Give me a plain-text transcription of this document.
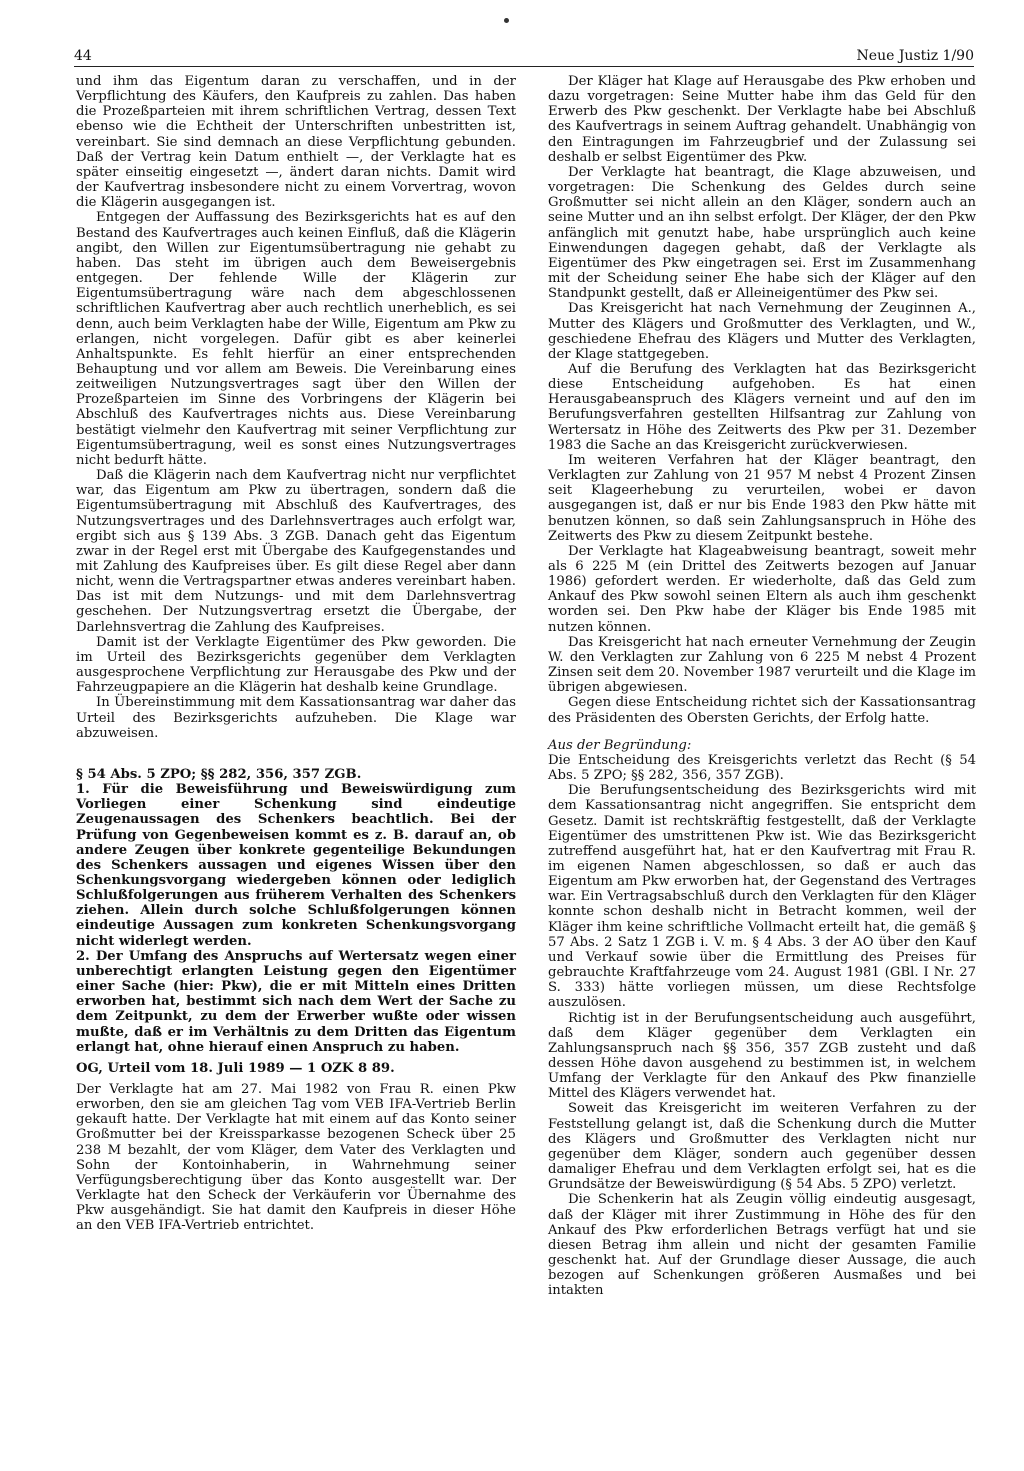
44	Neue Justiz 1/90

und ihm das Eigentum daran zu verschaffen, und in der Verpflichtung des Käufers, den Kaufpreis zu zahlen. Das haben die Prozeßparteien mit ihrem schriftlichen Vertrag, dessen Text ebenso wie die Echtheit der Unterschriften unbestritten ist, vereinbart. Sie sind demnach an diese Verpflichtung gebunden. Daß der Vertrag kein Datum enthielt —, der Verklagte hat es später einseitig eingesetzt —, ändert daran nichts. Damit wird der Kaufvertrag insbesondere nicht zu einem Vorvertrag, wovon die Klägerin ausgegangen ist.

Entgegen der Auffassung des Bezirksgerichts hat es auf den Bestand des Kaufvertrages auch keinen Einfluß, daß die Klägerin angibt, den Willen zur Eigentumsübertragung nie gehabt zu haben. Das steht im übrigen auch dem Beweisergebnis entgegen. Der fehlende Wille der Klägerin zur Eigentumsübertragung wäre nach dem abgeschlossenen schriftlichen Kaufvertrag aber auch rechtlich unerheblich, es sei denn, auch beim Verklagten habe der Wille, Eigentum am Pkw zu erlangen, nicht vorgelegen. Dafür gibt es aber keinerlei Anhaltspunkte. Es fehlt hierfür an einer entsprechenden Behauptung und vor allem am Beweis. Die Vereinbarung eines zeitweiligen Nutzungsvertrages sagt über den Willen der Prozeßparteien im Sinne des Vorbringens der Klägerin bei Abschluß des Kaufvertrages nichts aus. Diese Vereinbarung bestätigt vielmehr den Kaufvertrag mit seiner Verpflichtung zur Eigentumsübertragung, weil es sonst eines Nutzungsvertrages nicht bedurft hätte.

Daß die Klägerin nach dem Kaufvertrag nicht nur verpflichtet war, das Eigentum am Pkw zu übertragen, sondern daß die Eigentumsübertragung mit Abschluß des Kaufvertrages, des Nutzungsvertrages und des Darlehnsvertrages auch erfolgt war, ergibt sich aus § 139 Abs. 3 ZGB. Danach geht das Eigentum zwar in der Regel erst mit Übergabe des Kaufgegenstandes und mit Zahlung des Kaufpreises über. Es gilt diese Regel aber dann nicht, wenn die Vertragspartner etwas anderes vereinbart haben. Das ist mit dem Nutzungs- und mit dem Darlehnsvertrag geschehen. Der Nutzungsvertrag ersetzt die Übergabe, der Darlehnsvertrag die Zahlung des Kaufpreises.

Damit ist der Verklagte Eigentümer des Pkw geworden. Die im Urteil des Bezirksgerichts gegenüber dem Verklagten ausgesprochene Verpflichtung zur Herausgabe des Pkw und der Fahrzeugpapiere an die Klägerin hat deshalb keine Grundlage.

In Übereinstimmung mit dem Kassationsantrag war daher das Urteil des Bezirksgerichts aufzuheben. Die Klage war abzuweisen.

§ 54 Abs. 5 ZPO; §§ 282, 356, 357 ZGB.

1. Für die Beweisführung und Beweiswürdigung zum Vorliegen einer Schenkung sind eindeutige Zeugenaussagen des Schenkers beachtlich. Bei der Prüfung von Gegenbeweisen kommt es z. B. darauf an, ob andere Zeugen über konkrete gegenteilige Bekundungen des Schenkers aussagen und eigenes Wissen über den Schenkungsvorgang wiedergeben können oder lediglich Schlußfolgerungen aus früherem Verhalten des Schenkers ziehen. Allein durch solche Schlußfolgerungen können eindeutige Aussagen zum konkreten Schenkungsvorgang nicht widerlegt werden.

2. Der Umfang des Anspruchs auf Wertersatz wegen einer unberechtigt erlangten Leistung gegen den Eigentümer einer Sache (hier: Pkw), die er mit Mitteln eines Dritten erworben hat, bestimmt sich nach dem Wert der Sache zu dem Zeitpunkt, zu dem der Erwerber wußte oder wissen mußte, daß er im Verhältnis zu dem Dritten das Eigentum erlangt hat, ohne hierauf einen Anspruch zu haben.

OG, Urteil vom 18. Juli 1989 — 1 OZK 8 89.

Der Verklagte hat am 27. Mai 1982 von Frau R. einen Pkw erworben, den sie am gleichen Tag vom VEB IFA-Vertrieb Berlin gekauft hatte. Der Verklagte hat mit einem auf das Konto seiner Großmutter bei der Kreissparkasse bezogenen Scheck über 25 238 M bezahlt, der vom Kläger, dem Vater des Verklagten und Sohn der Kontoinhaberin, in Wahrnehmung seiner Verfügungsberechtigung über das Konto ausgestellt war. Der Verklagte hat den Scheck der Verkäuferin vor Übernahme des Pkw ausgehändigt. Sie hat damit den Kaufpreis in dieser Höhe an den VEB IFA-Vertrieb entrichtet.

Der Kläger hat Klage auf Herausgabe des Pkw erhoben und dazu vorgetragen: Seine Mutter habe ihm das Geld für den Erwerb des Pkw geschenkt. Der Verklagte habe bei Abschluß des Kaufvertrags in seinem Auftrag gehandelt. Unabhängig von den Eintragungen im Fahrzeugbrief und der Zulassung sei deshalb er selbst Eigentümer des Pkw.

Der Verklagte hat beantragt, die Klage abzuweisen, und vorgetragen: Die Schenkung des Geldes durch seine Großmutter sei nicht allein an den Kläger, sondern auch an seine Mutter und an ihn selbst erfolgt. Der Kläger, der den Pkw anfänglich mit genutzt habe, habe ursprünglich auch keine Einwendungen dagegen gehabt, daß der Verklagte als Eigentümer des Pkw eingetragen sei. Erst im Zusammenhang mit der Scheidung seiner Ehe habe sich der Kläger auf den Standpunkt gestellt, daß er Alleineigentümer des Pkw sei.

Das Kreisgericht hat nach Vernehmung der Zeuginnen A., Mutter des Klägers und Großmutter des Verklagten, und W., geschiedene Ehefrau des Klägers und Mutter des Verklagten, der Klage stattgegeben.

Auf die Berufung des Verklagten hat das Bezirksgericht diese Entscheidung aufgehoben. Es hat einen Herausgabeanspruch des Klägers verneint und auf den im Berufungsverfahren gestellten Hilfsantrag zur Zahlung von Wertersatz in Höhe des Zeitwerts des Pkw per 31. Dezember 1983 die Sache an das Kreisgericht zurückverwiesen.

Im weiteren Verfahren hat der Kläger beantragt, den Verklagten zur Zahlung von 21 957 M nebst 4 Prozent Zinsen seit Klageerhebung zu verurteilen, wobei er davon ausgegangen ist, daß er nur bis Ende 1983 den Pkw hätte mit benutzen können, so daß sein Zahlungsanspruch in Höhe des Zeitwerts des Pkw zu diesem Zeitpunkt bestehe.

Der Verklagte hat Klageabweisung beantragt, soweit mehr als 6 225 M (ein Drittel des Zeitwerts bezogen auf Januar 1986) gefordert werden. Er wiederholte, daß das Geld zum Ankauf des Pkw sowohl seinen Eltern als auch ihm geschenkt worden sei. Den Pkw habe der Kläger bis Ende 1985 mit nutzen können.

Das Kreisgericht hat nach erneuter Vernehmung der Zeugin W. den Verklagten zur Zahlung von 6 225 M nebst 4 Prozent Zinsen seit dem 20. November 1987 verurteilt und die Klage im übrigen abgewiesen.

Gegen diese Entscheidung richtet sich der Kassationsantrag des Präsidenten des Obersten Gerichts, der Erfolg hatte.

Aus der Begründung:

Die Entscheidung des Kreisgerichts verletzt das Recht (§ 54 Abs. 5 ZPO; §§ 282, 356, 357 ZGB).

Die Berufungsentscheidung des Bezirksgerichts wird mit dem Kassationsantrag nicht angegriffen. Sie entspricht dem Gesetz. Damit ist rechtskräftig festgestellt, daß der Verklagte Eigentümer des umstrittenen Pkw ist. Wie das Bezirksgericht zutreffend ausgeführt hat, hat er den Kaufvertrag mit Frau R. im eigenen Namen abgeschlossen, so daß er auch das Eigentum am Pkw erworben hat, der Gegenstand des Vertrages war. Ein Vertragsabschluß durch den Verklagten für den Kläger konnte schon deshalb nicht in Betracht kommen, weil der Kläger ihm keine schriftliche Vollmacht erteilt hat, die gemäß § 57 Abs. 2 Satz 1 ZGB i. V. m. § 4 Abs. 3 der AO über den Kauf und Verkauf sowie über die Ermittlung des Preises für gebrauchte Kraftfahrzeuge vom 24. August 1981 (GBl. I Nr. 27 S. 333) hätte vorliegen müssen, um diese Rechtsfolge auszulösen.

Richtig ist in der Berufungsentscheidung auch ausgeführt, daß dem Kläger gegenüber dem Verklagten ein Zahlungsanspruch nach §§ 356, 357 ZGB zusteht und daß dessen Höhe davon ausgehend zu bestimmen ist, in welchem Umfang der Verklagte für den Ankauf des Pkw finanzielle Mittel des Klägers verwendet hat.

Soweit das Kreisgericht im weiteren Verfahren zu der Feststellung gelangt ist, daß die Schenkung durch die Mutter des Klägers und Großmutter des Verklagten nicht nur gegenüber dem Kläger, sondern auch gegenüber dessen damaliger Ehefrau und dem Verklagten erfolgt sei, hat es die Grundsätze der Beweiswürdigung (§ 54 Abs. 5 ZPO) verletzt.

Die Schenkerin hat als Zeugin völlig eindeutig ausgesagt, daß der Kläger mit ihrer Zustimmung in Höhe des für den Ankauf des Pkw erforderlichen Betrags verfügt hat und sie diesen Betrag ihm allein und nicht der gesamten Familie geschenkt hat. Auf der Grundlage dieser Aussage, die auch bezogen auf Schenkungen größeren Ausmaßes und bei intakten
